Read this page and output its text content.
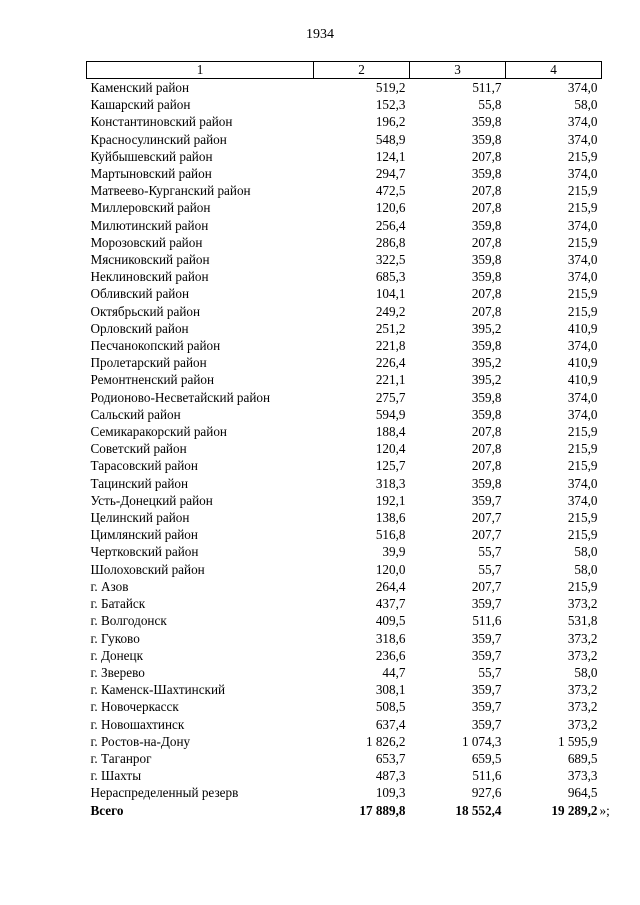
1934
1	2	3	4
Каменский район	519,2	511,7	374,0
Кашарский район	152,3	55,8	58,0
Константиновский район	196,2	359,8	374,0
Красносулинский район	548,9	359,8	374,0
Куйбышевский район	124,1	207,8	215,9
Мартыновский район	294,7	359,8	374,0
Матвеево-Курганский район	472,5	207,8	215,9
Миллеровский район	120,6	207,8	215,9
Милютинский район	256,4	359,8	374,0
Морозовский район	286,8	207,8	215,9
Мясниковский район	322,5	359,8	374,0
Неклиновский район	685,3	359,8	374,0
Обливский район	104,1	207,8	215,9
Октябрьский район	249,2	207,8	215,9
Орловский район	251,2	395,2	410,9
Песчанокопский район	221,8	359,8	374,0
Пролетарский район	226,4	395,2	410,9
Ремонтненский район	221,1	395,2	410,9
Родионово-Несветайский район	275,7	359,8	374,0
Сальский район	594,9	359,8	374,0
Семикаракорский район	188,4	207,8	215,9
Советский район	120,4	207,8	215,9
Тарасовский район	125,7	207,8	215,9
Тацинский район	318,3	359,8	374,0
Усть-Донецкий район	192,1	359,7	374,0
Целинский район	138,6	207,7	215,9
Цимлянский район	516,8	207,7	215,9
Чертковский район	39,9	55,7	58,0
Шолоховский район	120,0	55,7	58,0
г. Азов	264,4	207,7	215,9
г. Батайск	437,7	359,7	373,2
г. Волгодонск	409,5	511,6	531,8
г. Гуково	318,6	359,7	373,2
г. Донецк	236,6	359,7	373,2
г. Зверево	44,7	55,7	58,0
г. Каменск-Шахтинский	308,1	359,7	373,2
г. Новочеркасск	508,5	359,7	373,2
г. Новошахтинск	637,4	359,7	373,2
г. Ростов-на-Дону	1 826,2	1 074,3	1 595,9
г. Таганрог	653,7	659,5	689,5
г. Шахты	487,3	511,6	373,3
Нераспределенный резерв	109,3	927,6	964,5
Всего	17 889,8	18 552,4	19 289,2 »;
